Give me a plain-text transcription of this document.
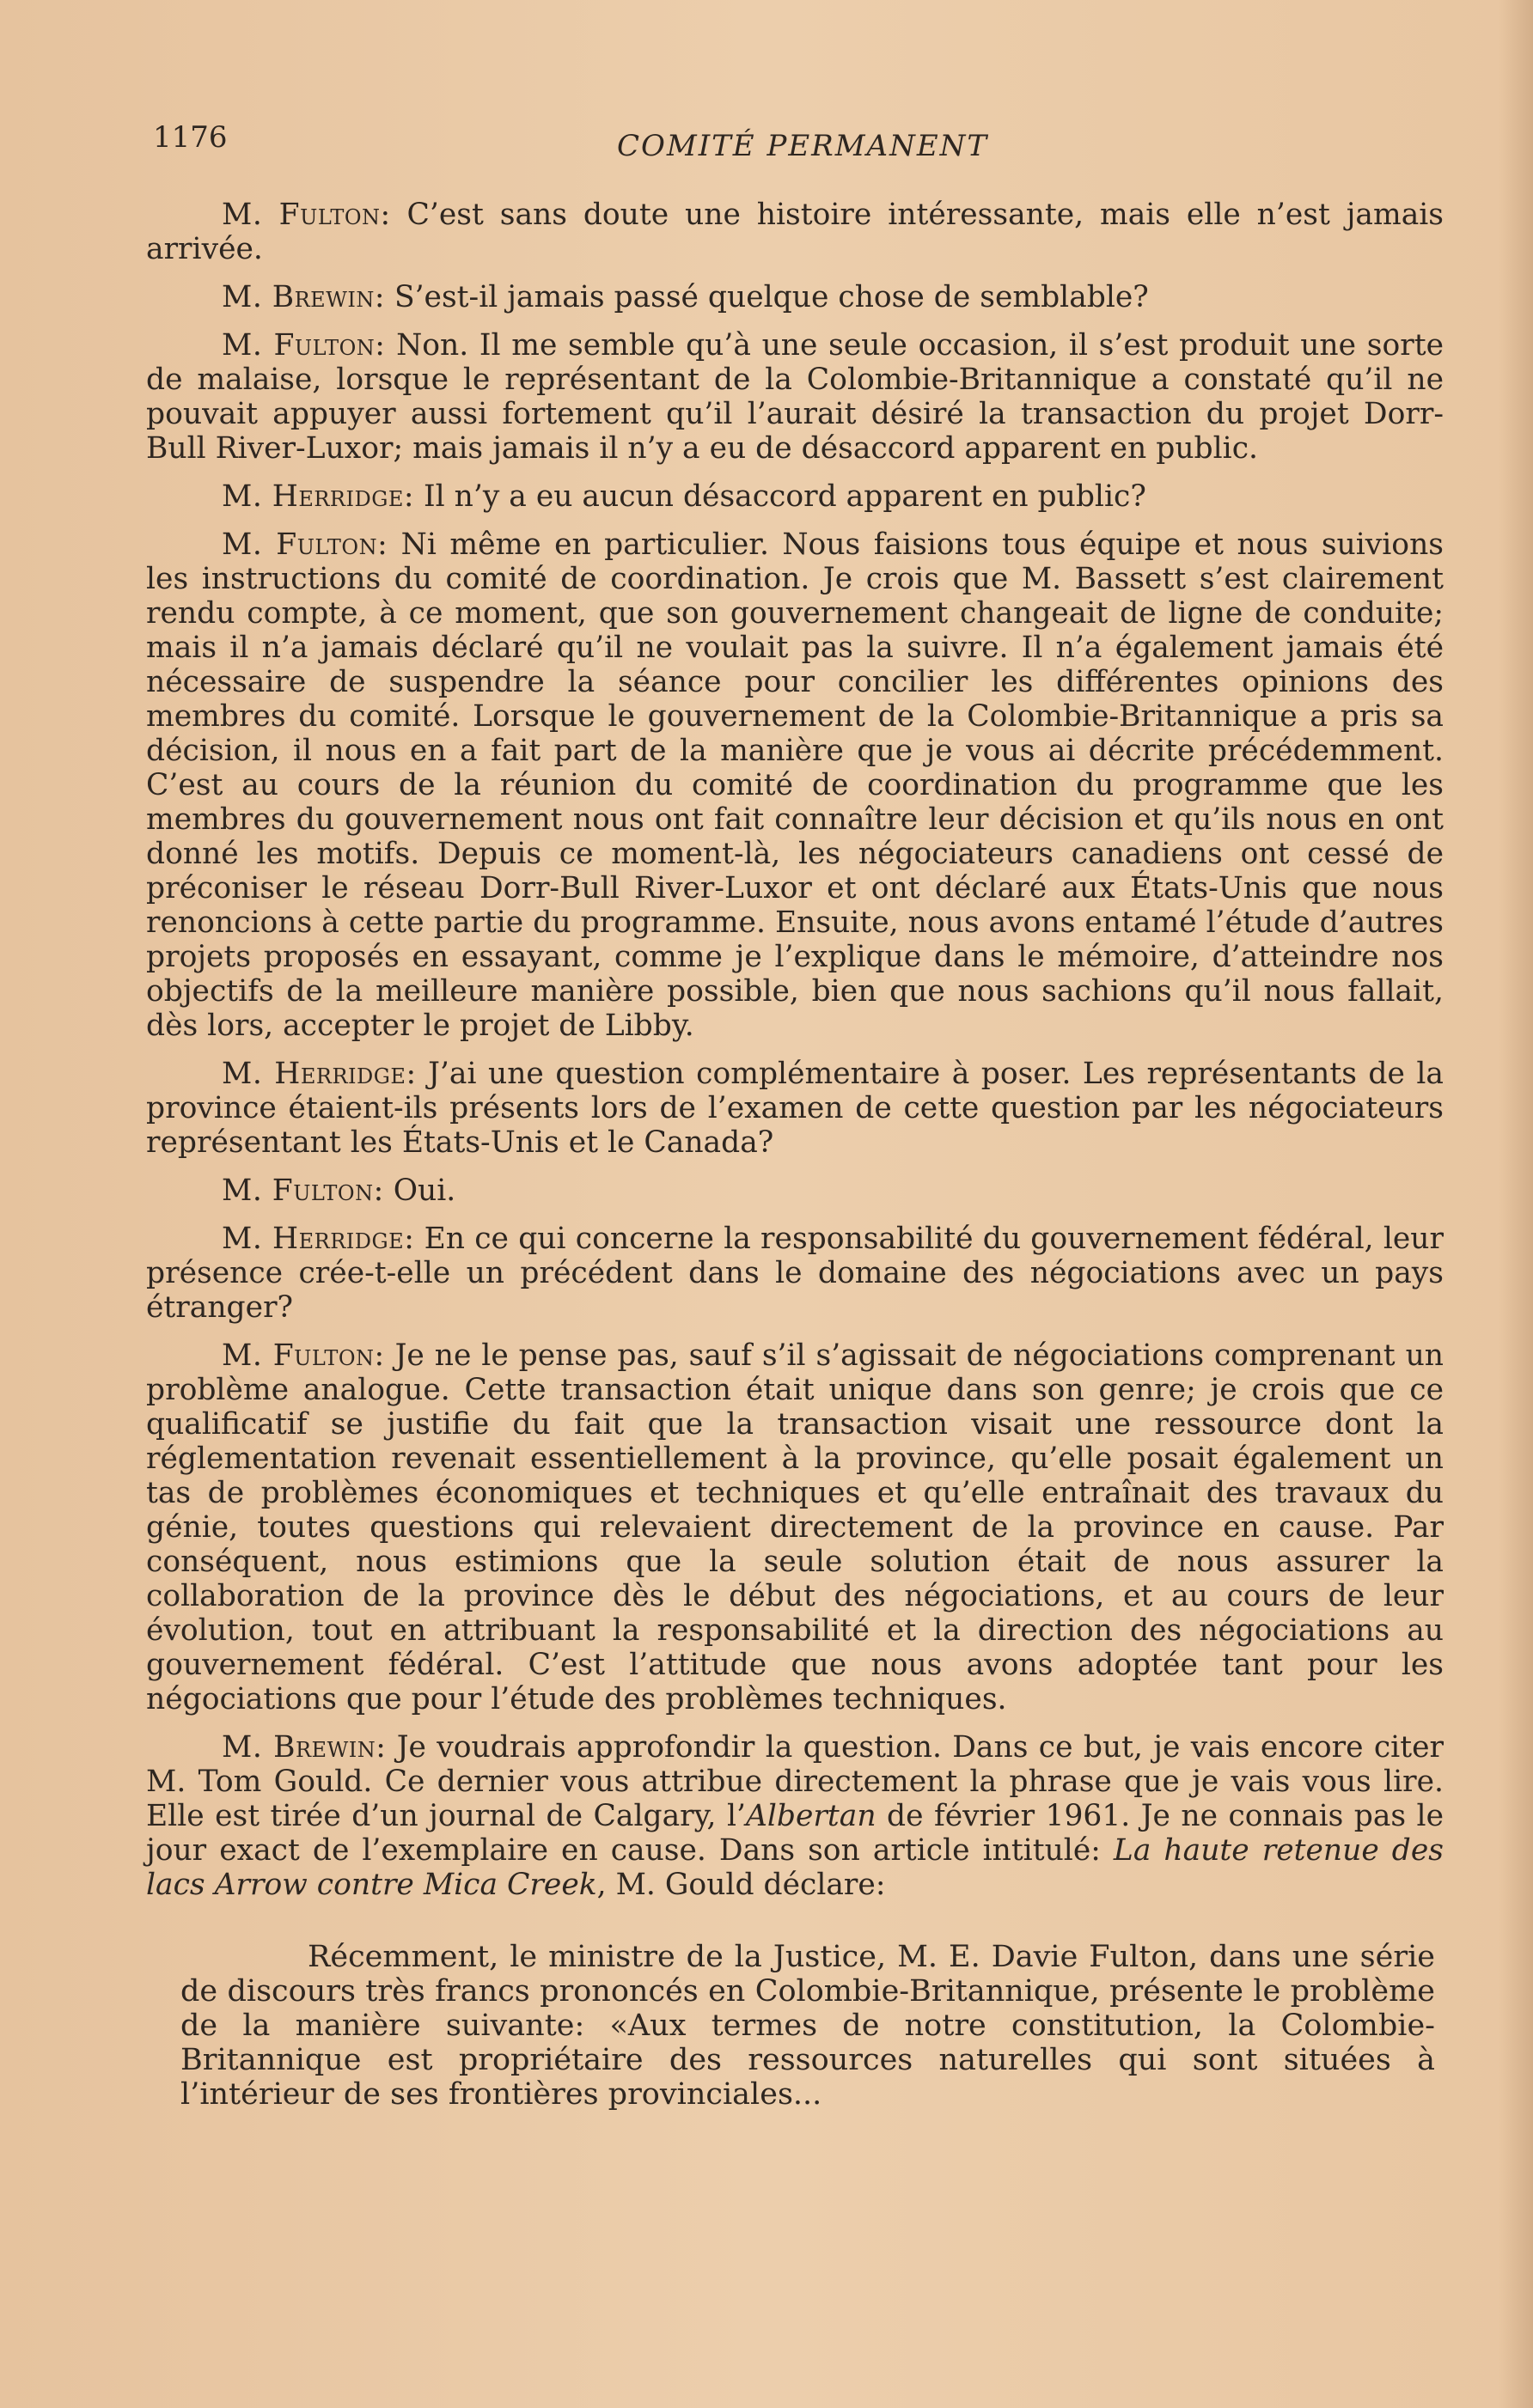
1176	COMITÉ PERMANENT

M. Fulton: C’est sans doute une histoire intéressante, mais elle n’est jamais arrivée.

M. Brewin: S’est-il jamais passé quelque chose de semblable?

M. Fulton: Non. Il me semble qu’à une seule occasion, il s’est produit une sorte de malaise, lorsque le représentant de la Colombie-Britannique a constaté qu’il ne pouvait appuyer aussi fortement qu’il l’aurait désiré la transaction du projet Dorr-Bull River-Luxor; mais jamais il n’y a eu de désaccord apparent en public.

M. Herridge: Il n’y a eu aucun désaccord apparent en public?

M. Fulton: Ni même en particulier. Nous faisions tous équipe et nous suivions les instructions du comité de coordination. Je crois que M. Bassett s’est clairement rendu compte, à ce moment, que son gouvernement changeait de ligne de conduite; mais il n’a jamais déclaré qu’il ne voulait pas la suivre. Il n’a également jamais été nécessaire de suspendre la séance pour concilier les différentes opinions des membres du comité. Lorsque le gouvernement de la Colombie-Britannique a pris sa décision, il nous en a fait part de la manière que je vous ai décrite précédemment. C’est au cours de la réunion du comité de coordination du programme que les membres du gouvernement nous ont fait connaître leur décision et qu’ils nous en ont donné les motifs. Depuis ce moment-là, les négociateurs canadiens ont cessé de préconiser le réseau Dorr-Bull River-Luxor et ont déclaré aux États-Unis que nous renoncions à cette partie du programme. Ensuite, nous avons entamé l’étude d’autres projets proposés en essayant, comme je l’explique dans le mémoire, d’atteindre nos objectifs de la meilleure manière possible, bien que nous sachions qu’il nous fallait, dès lors, accepter le projet de Libby.

M. Herridge: J’ai une question complémentaire à poser. Les représentants de la province étaient-ils présents lors de l’examen de cette question par les négociateurs représentant les États-Unis et le Canada?

M. Fulton: Oui.

M. Herridge: En ce qui concerne la responsabilité du gouvernement fédéral, leur présence crée-t-elle un précédent dans le domaine des négociations avec un pays étranger?

M. Fulton: Je ne le pense pas, sauf s’il s’agissait de négociations comprenant un problème analogue. Cette transaction était unique dans son genre; je crois que ce qualificatif se justifie du fait que la transaction visait une ressource dont la réglementation revenait essentiellement à la province, qu’elle posait également un tas de problèmes économiques et techniques et qu’elle entraînait des travaux du génie, toutes questions qui relevaient directement de la province en cause. Par conséquent, nous estimions que la seule solution était de nous assurer la collaboration de la province dès le début des négociations, et au cours de leur évolution, tout en attribuant la responsabilité et la direction des négociations au gouvernement fédéral. C’est l’attitude que nous avons adoptée tant pour les négociations que pour l’étude des problèmes techniques.

M. Brewin: Je voudrais approfondir la question. Dans ce but, je vais encore citer M. Tom Gould. Ce dernier vous attribue directement la phrase que je vais vous lire. Elle est tirée d’un journal de Calgary, l’Albertan de février 1961. Je ne connais pas le jour exact de l’exemplaire en cause. Dans son article intitulé: La haute retenue des lacs Arrow contre Mica Creek, M. Gould déclare:

Récemment, le ministre de la Justice, M. E. Davie Fulton, dans une série de discours très francs prononcés en Colombie-Britannique, présente le problème de la manière suivante: «Aux termes de notre constitution, la Colombie-Britannique est propriétaire des ressources naturelles qui sont situées à l’intérieur de ses frontières provinciales...
